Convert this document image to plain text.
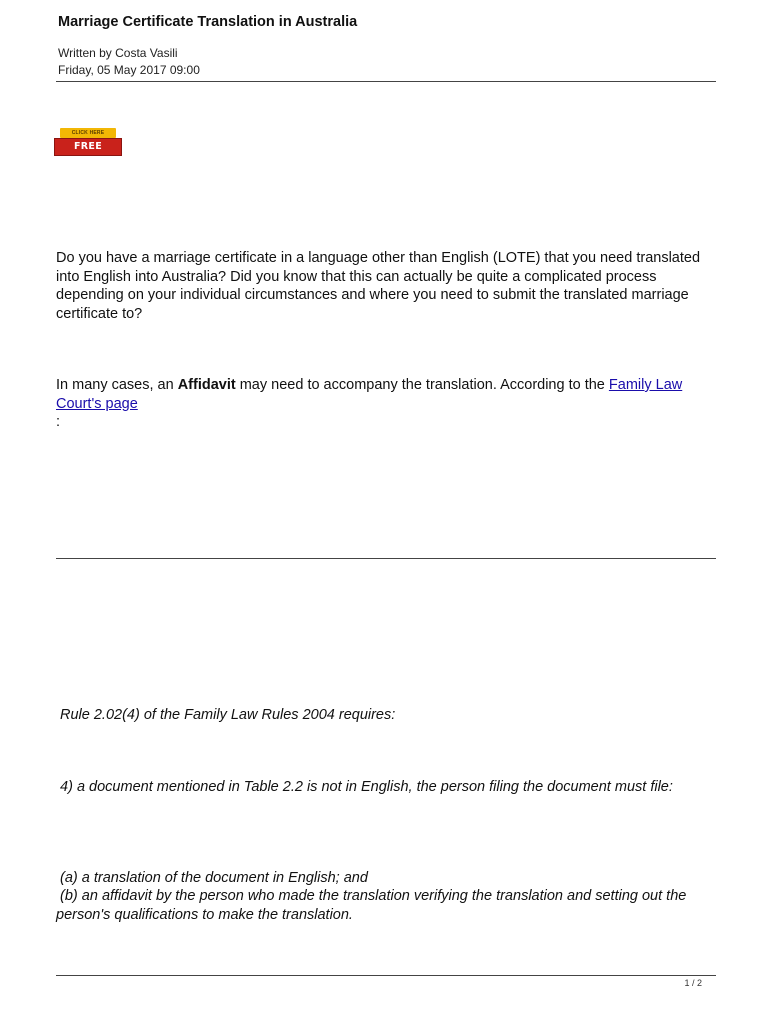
Marriage Certificate Translation in Australia
Written by Costa Vasili
Friday, 05 May 2017 09:00
CLICK HERE
FREE QUOTE
Do you have a marriage certificate in a language other than English (LOTE) that you need translated into English into Australia? Did you know that this can actually be quite a complicated process depending on your individual circumstances and where you need to submit the translated marriage certificate to?
In many cases, an Affidavit may need to accompany the translation. According to the Family Law Court's page
:
Rule 2.02(4) of the Family Law Rules 2004 requires:
4) a document mentioned in Table 2.2 is not in English, the person filing the document must file:
(a) a translation of the document in English; and
(b) an affidavit by the person who made the translation verifying the translation and setting out the person's qualifications to make the translation.
1 / 2
